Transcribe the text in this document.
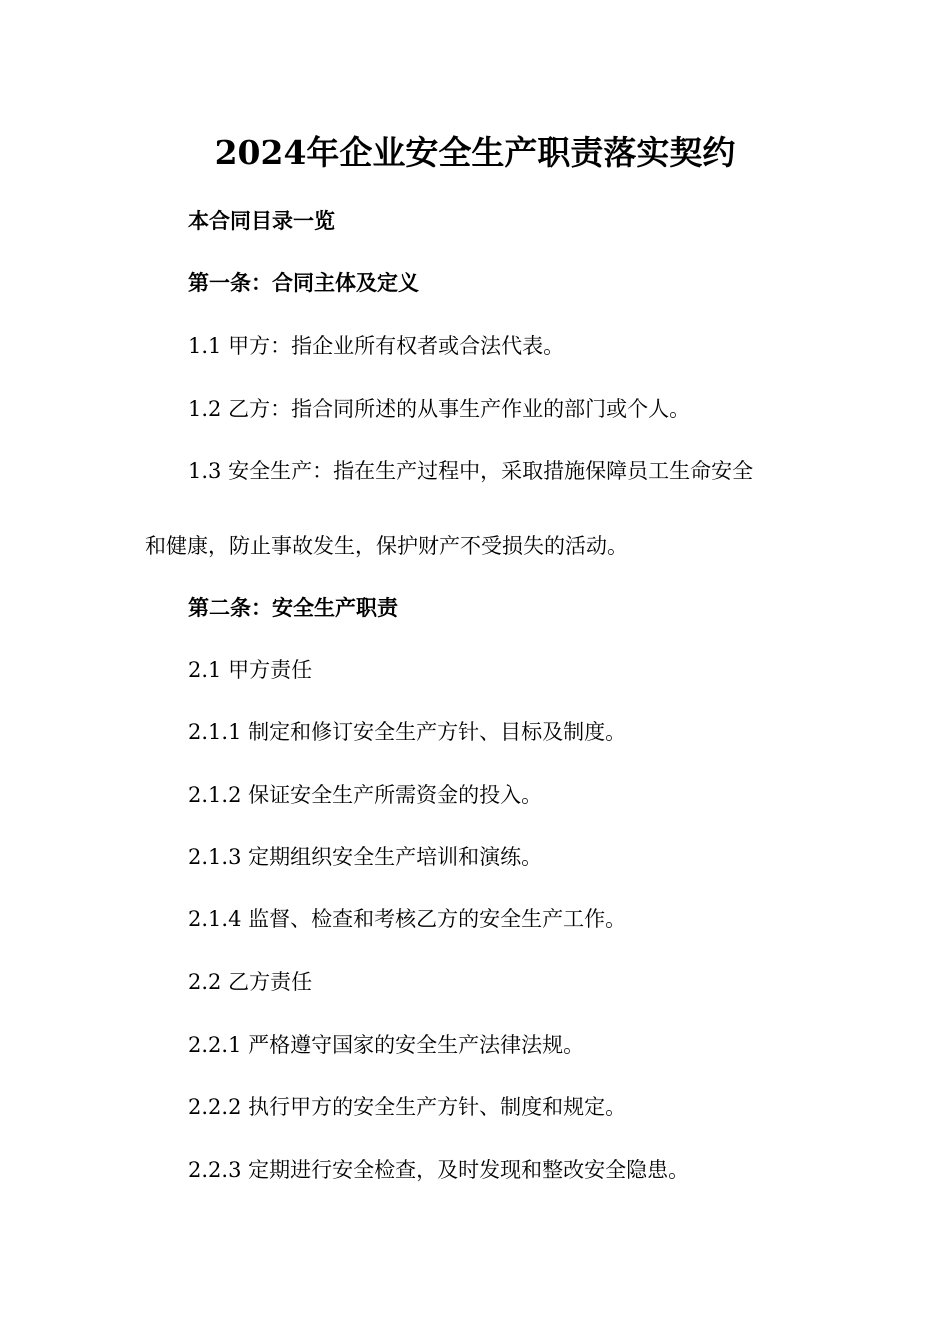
2024年企业安全生产职责落实契约
本合同目录一览
第一条：合同主体及定义
1.1 甲方：指企业所有权者或合法代表。
1.2 乙方：指合同所述的从事生产作业的部门或个人。
1.3 安全生产：指在生产过程中，采取措施保障员工生命安全
和健康，防止事故发生，保护财产不受损失的活动。
第二条：安全生产职责
2.1 甲方责任
2.1.1 制定和修订安全生产方针、目标及制度。
2.1.2 保证安全生产所需资金的投入。
2.1.3 定期组织安全生产培训和演练。
2.1.4 监督、检查和考核乙方的安全生产工作。
2.2 乙方责任
2.2.1 严格遵守国家的安全生产法律法规。
2.2.2 执行甲方的安全生产方针、制度和规定。
2.2.3 定期进行安全检查，及时发现和整改安全隐患。
